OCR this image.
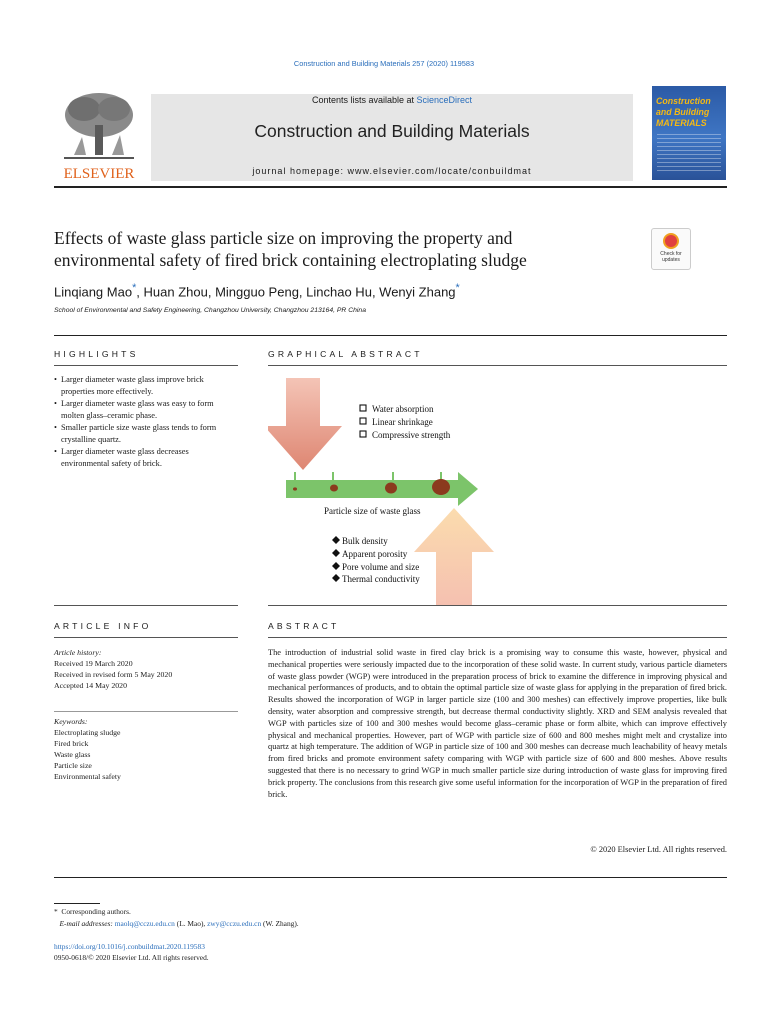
Construction and Building Materials 257 (2020) 119583
ELSEVIER
Contents lists available at ScienceDirect
Construction and Building Materials
journal homepage: www.elsevier.com/locate/conbuildmat
Construction and Building MATERIALS
Effects of waste glass particle size on improving the property and environmental safety of fired brick containing electroplating sludge	Check for updates
Linqiang Mao*, Huan Zhou, Mingguo Peng, Linchao Hu, Wenyi Zhang*
School of Environmental and Safety Engineering, Changzhou University, Changzhou 213164, PR China
HIGHLIGHTS	GRAPHICAL ABSTRACT
• Larger diameter waste glass improve brick properties more effectively.
• Larger diameter waste glass was easy to form molten glass–ceramic phase.
• Smaller particle size waste glass tends to form crystalline quartz.
• Larger diameter waste glass decreases environmental safety of brick.
Water absorption
Linear shrinkage
Compressive strength
Particle size of waste glass
Bulk density
Apparent porosity
Pore volume and size
Thermal conductivity
ARTICLE INFO	ABSTRACT
Article history:
Received 19 March 2020
Received in revised form 5 May 2020
Accepted 14 May 2020
Keywords:
Electroplating sludge
Fired brick
Waste glass
Particle size
Environmental safety
The introduction of industrial solid waste in fired clay brick is a promising way to consume this waste, however, physical and mechanical properties were seriously impacted due to the incorporation of these solid waste. In current study, various particle diameters of waste glass powder (WGP) were introduced in the preparation process of brick to examine the difference in improving physical and mechanical performances of products, and to obtain the optimal particle size of waste glass for applying in the preparation of fired brick. Results showed the incorporation of WGP in larger particle size (100 and 300 meshes) can effectively improve properties, like bulk density, water absorption and compressive strength, but decrease thermal conductivity slightly. XRD and SEM analysis revealed that WGP with particles size of 100 and 300 meshes would become glass–ceramic phase or form albite, which can improve effectively physical and mechanical properties. However, part of WGP with particle size of 600 and 800 meshes might melt and crystalize into quartz at high temperature. The addition of WGP in particle size of 100 and 300 meshes can decrease much leachability of heavy metals from fired bricks and promote environment safety comparing with WGP with particle size of 600 and 800 meshes. Above results suggested that there is no necessary to grind WGP in much smaller particle size during introduction of waste glass for improving fired brick property. The conclusions from this research give some useful information for the incorporation of WGP in the preparation of fired brick.
© 2020 Elsevier Ltd. All rights reserved.
* Corresponding authors.
E-mail addresses: maolq@cczu.edu.cn (L. Mao), zwy@cczu.edu.cn (W. Zhang).
https://doi.org/10.1016/j.conbuildmat.2020.119583
0950-0618/© 2020 Elsevier Ltd. All rights reserved.
